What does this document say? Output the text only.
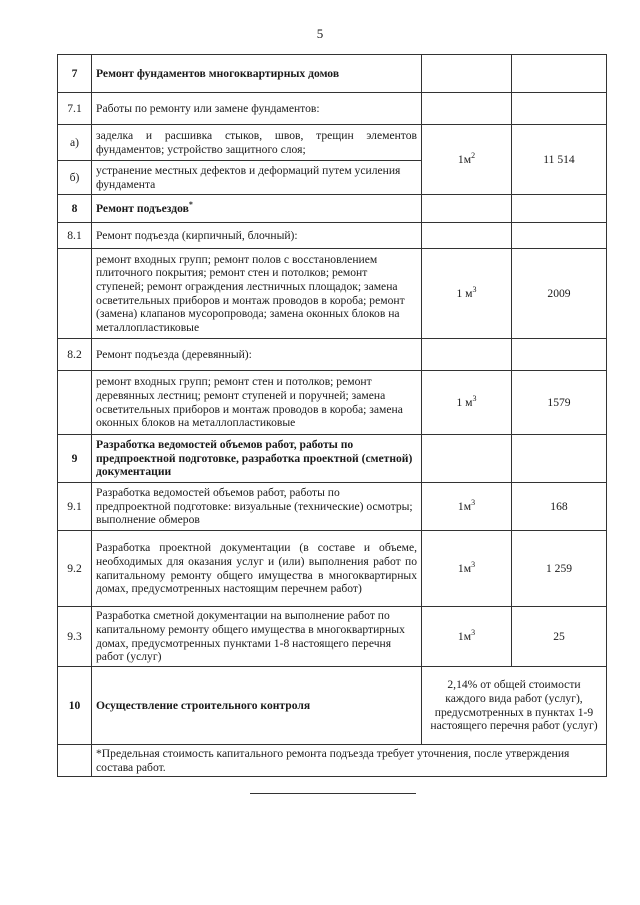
5
7	Ремонт фундаментов многоквартирных домов		
7.1	Работы по ремонту или замене фундаментов:		
а)	заделка и расшивка стыков, швов, трещин элементов фундаментов; устройство защитного слоя;	$1м^2$	11 514
б)	устранение местных дефектов и деформаций путем усиления фундамента		
8	Ремонт подъездов*		
8.1	Ремонт подъезда (кирпичный, блочный):		
	ремонт входных групп; ремонт полов с восстановлением плиточного покрытия; ремонт стен и потолков; ремонт ступеней; ремонт ограждения лестничных площадок; замена осветительных приборов и монтаж проводов в короба; ремонт (замена) клапанов мусоропровода; замена оконных блоков на металлопластиковые	1 $м^3$	2009
8.2	Ремонт подъезда (деревянный):		
	ремонт входных групп; ремонт стен и потолков; ремонт деревянных лестниц; ремонт ступеней и поручней; замена осветительных приборов и монтаж проводов в короба; замена оконных блоков на металлопластиковые	1 $м^3$	1579
9	Разработка ведомостей объемов работ, работы по предпроектной подготовке, разработка проектной (сметной) документации		
9.1	Разработка ведомостей объемов работ, работы по предпроектной подготовке: визуальные (технические) осмотры; выполнение обмеров	$1м^3$	168
9.2	Разработка проектной документации (в составе и объеме, необходимых для оказания услуг и (или) выполнения работ по капитальному ремонту общего имущества в многоквартирных домах, предусмотренных настоящим перечнем работ)	$1м^3$	1 259
9.3	Разработка сметной документации на выполнение работ по капитальному ремонту общего имущества в многоквартирных домах, предусмотренных пунктами 1-8 настоящего перечня работ (услуг)	$1м^3$	25
10	Осуществление строительного контроля	2,14% от общей стоимости каждого вида работ (услуг), предусмотренных в пунктах 1-9 настоящего перечня работ (услуг)	
	*Предельная стоимость капитального ремонта подъезда требует уточнения, после утверждения состава работ.		
